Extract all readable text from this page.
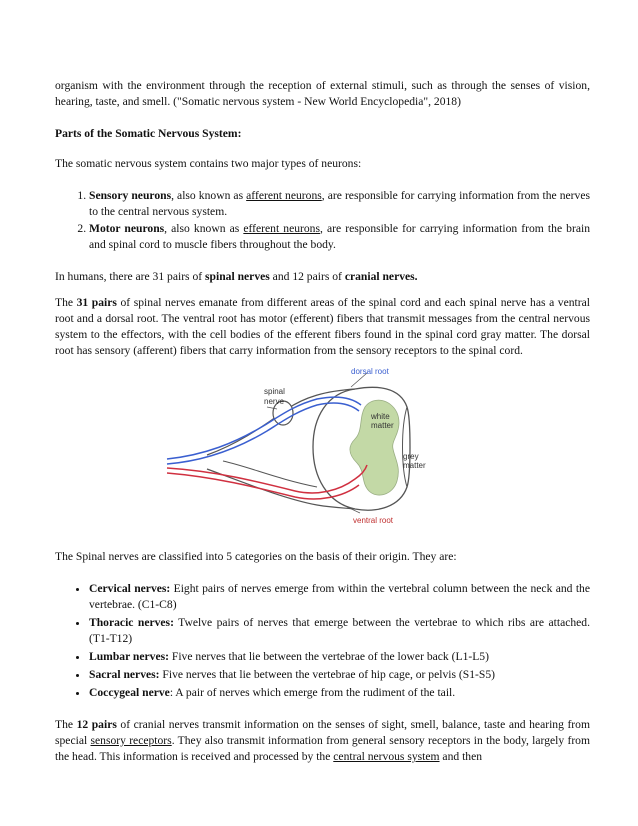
organism with the environment through the reception of external stimuli, such as through the senses of vision, hearing, taste, and smell. ("Somatic nervous system - New World Encyclopedia", 2018)

Parts of the Somatic Nervous System:

The somatic nervous system contains two major types of neurons:

1. Sensory neurons, also known as afferent neurons, are responsible for carrying information from the nerves to the central nervous system.
2. Motor neurons, also known as efferent neurons, are responsible for carrying information from the brain and spinal cord to muscle fibers throughout the body.

In humans, there are 31 pairs of spinal nerves and 12 pairs of cranial nerves.

The 31 pairs of spinal nerves emanate from different areas of the spinal cord and each spinal nerve has a ventral root and a dorsal root. The ventral root has motor (efferent) fibers that transmit messages from the central nervous system to the effectors, with the cell bodies of the efferent fibers found in the spinal cord gray matter. The dorsal root has sensory (afferent) fibers that carry information from the sensory receptors to the spinal cord.

dorsal root
spinal
nerve
white
matter
grey
matter
ventral root

The Spinal nerves are classified into 5 categories on the basis of their origin. They are:

• Cervical nerves: Eight pairs of nerves emerge from within the vertebral column between the neck and the vertebrae. (C1-C8)
• Thoracic nerves: Twelve pairs of nerves that emerge between the vertebrae to which ribs are attached. (T1-T12)
• Lumbar nerves: Five nerves that lie between the vertebrae of the lower back (L1-L5)
• Sacral nerves: Five nerves that lie between the vertebrae of hip cage, or pelvis (S1-S5)
• Coccygeal nerve: A pair of nerves which emerge from the rudiment of the tail.

The 12 pairs of cranial nerves transmit information on the senses of sight, smell, balance, taste and hearing from special sensory receptors. They also transmit information from general sensory receptors in the body, largely from the head. This information is received and processed by the central nervous system and then
